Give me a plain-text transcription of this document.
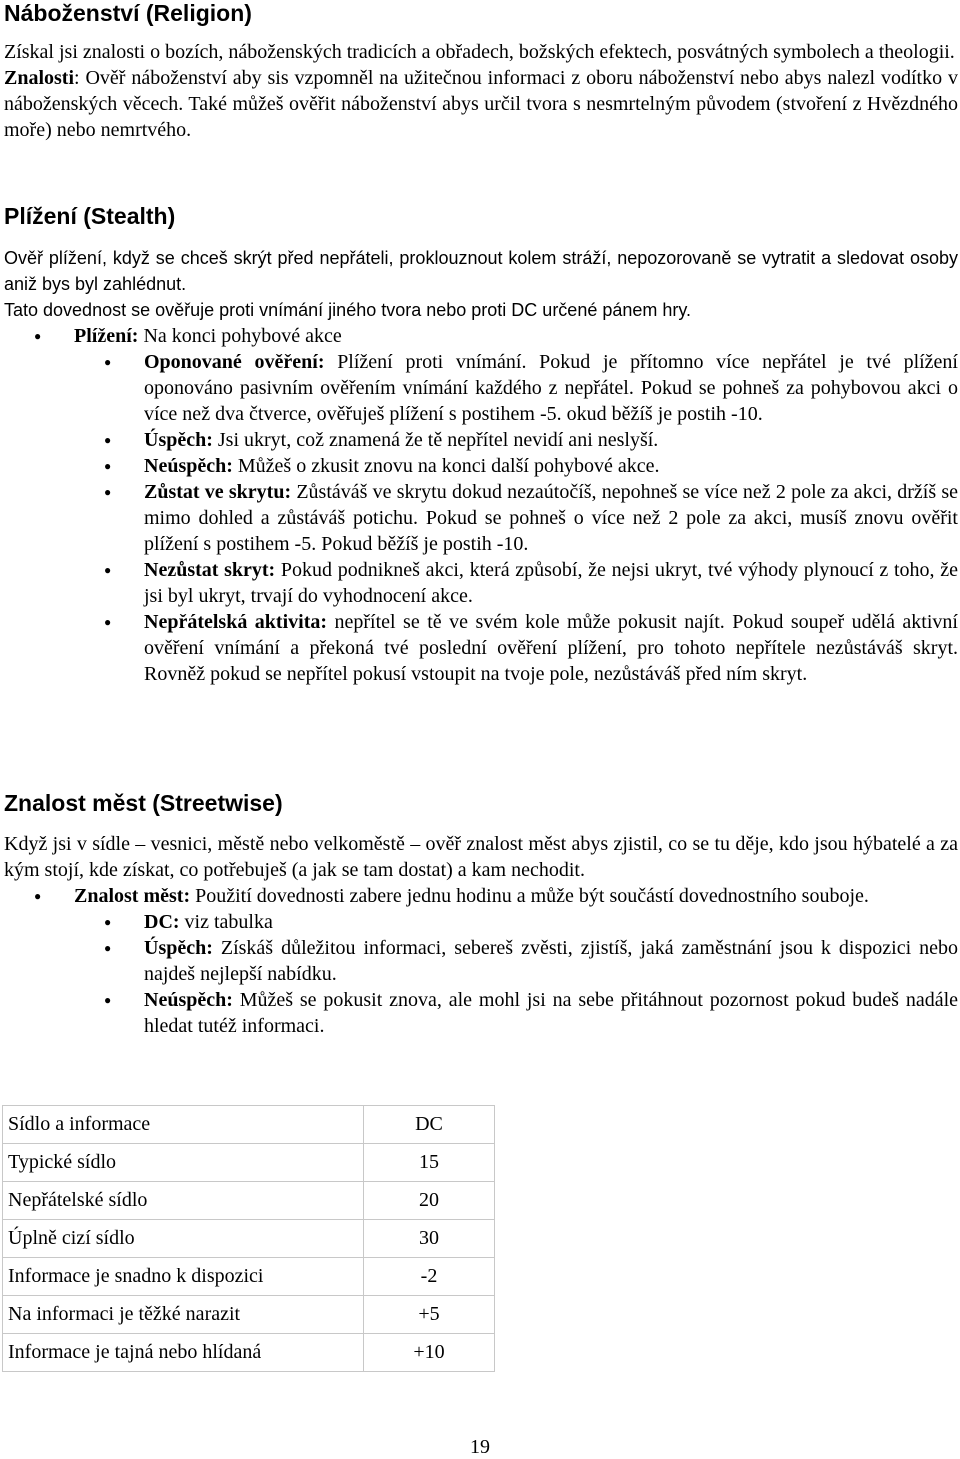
Náboženství (Religion)

Získal jsi znalosti o bozích, náboženských tradicích a obřadech, božských efektech, posvátných symbolech a theologii.

Znalosti: Ověř náboženství aby sis vzpomněl na užitečnou informaci z oboru náboženství nebo abys nalezl vodítko v náboženských věcech. Také můžeš ověřit náboženství abys určil tvora s nesmrtelným původem (stvoření z Hvězdného moře) nebo nemrtvého.

Plížení (Stealth)

Ověř plížení, když se chceš skrýt před nepřáteli, proklouznout kolem stráží, nepozorovaně se vytratit a sledovat osoby aniž bys byl zahlédnut.

Tato dovednost se ověřuje proti vnímání jiného tvora nebo proti DC určené pánem hry.

● Plížení: Na konci pohybové akce
● Oponované ověření: Plížení proti vnímání. Pokud je přítomno více nepřátel je tvé plížení oponováno pasivním ověřením vnímání každého z nepřátel. Pokud se pohneš za pohybovou akci o více než dva čtverce, ověřuješ plížení s postihem -5. okud běžíš je postih -10.
● Úspěch: Jsi ukryt, což znamená že tě nepřítel nevidí ani neslyší.
● Neúspěch: Můžeš o zkusit znovu na konci další pohybové akce.
● Zůstat ve skrytu: Zůstáváš ve skrytu dokud nezaútočíš, nepohneš se více než 2 pole za akci, držíš se mimo dohled a zůstáváš potichu. Pokud se pohneš o více než 2 pole za akci, musíš znovu ověřit plížení s postihem -5. Pokud běžíš je postih -10.
● Nezůstat skryt: Pokud podnikneš akci, která způsobí, že nejsi ukryt, tvé výhody plynoucí z toho, že jsi byl ukryt, trvají do vyhodnocení akce.
● Nepřátelská aktivita: nepřítel se tě ve svém kole může pokusit najít. Pokud soupeř udělá aktivní ověření vnímání a překoná tvé poslední ověření plížení, pro tohoto nepřítele nezůstáváš skryt. Rovněž pokud se nepřítel pokusí vstoupit na tvoje pole, nezůstáváš před ním skryt.
Znalost měst (Streetwise)

Když jsi v sídle – vesnici, městě nebo velkoměstě – ověř znalost měst abys zjistil, co se tu děje, kdo jsou hýbatelé a za kým stojí, kde získat, co potřebuješ (a jak se tam dostat) a kam nechodit.

● Znalost měst: Použití dovednosti zabere jednu hodinu a může být součástí dovednostního souboje.
● DC: viz tabulka
● Úspěch: Získáš důležitou informaci, sebereš zvěsti, zjistíš, jaká zaměstnání jsou k dispozici nebo najdeš nejlepší nabídku.
● Neúspěch: Můžeš se pokusit znova, ale mohl jsi na sebe přitáhnout pozornost pokud budeš nadále hledat tutéž informaci.
Sídlo a informace	DC
Typické sídlo	15
Nepřátelské sídlo	20
Úplně cizí sídlo	30
Informace je snadno k dispozici	-2
Na informaci je těžké narazit	+5
Informace je tajná nebo hlídaná	+10
19
